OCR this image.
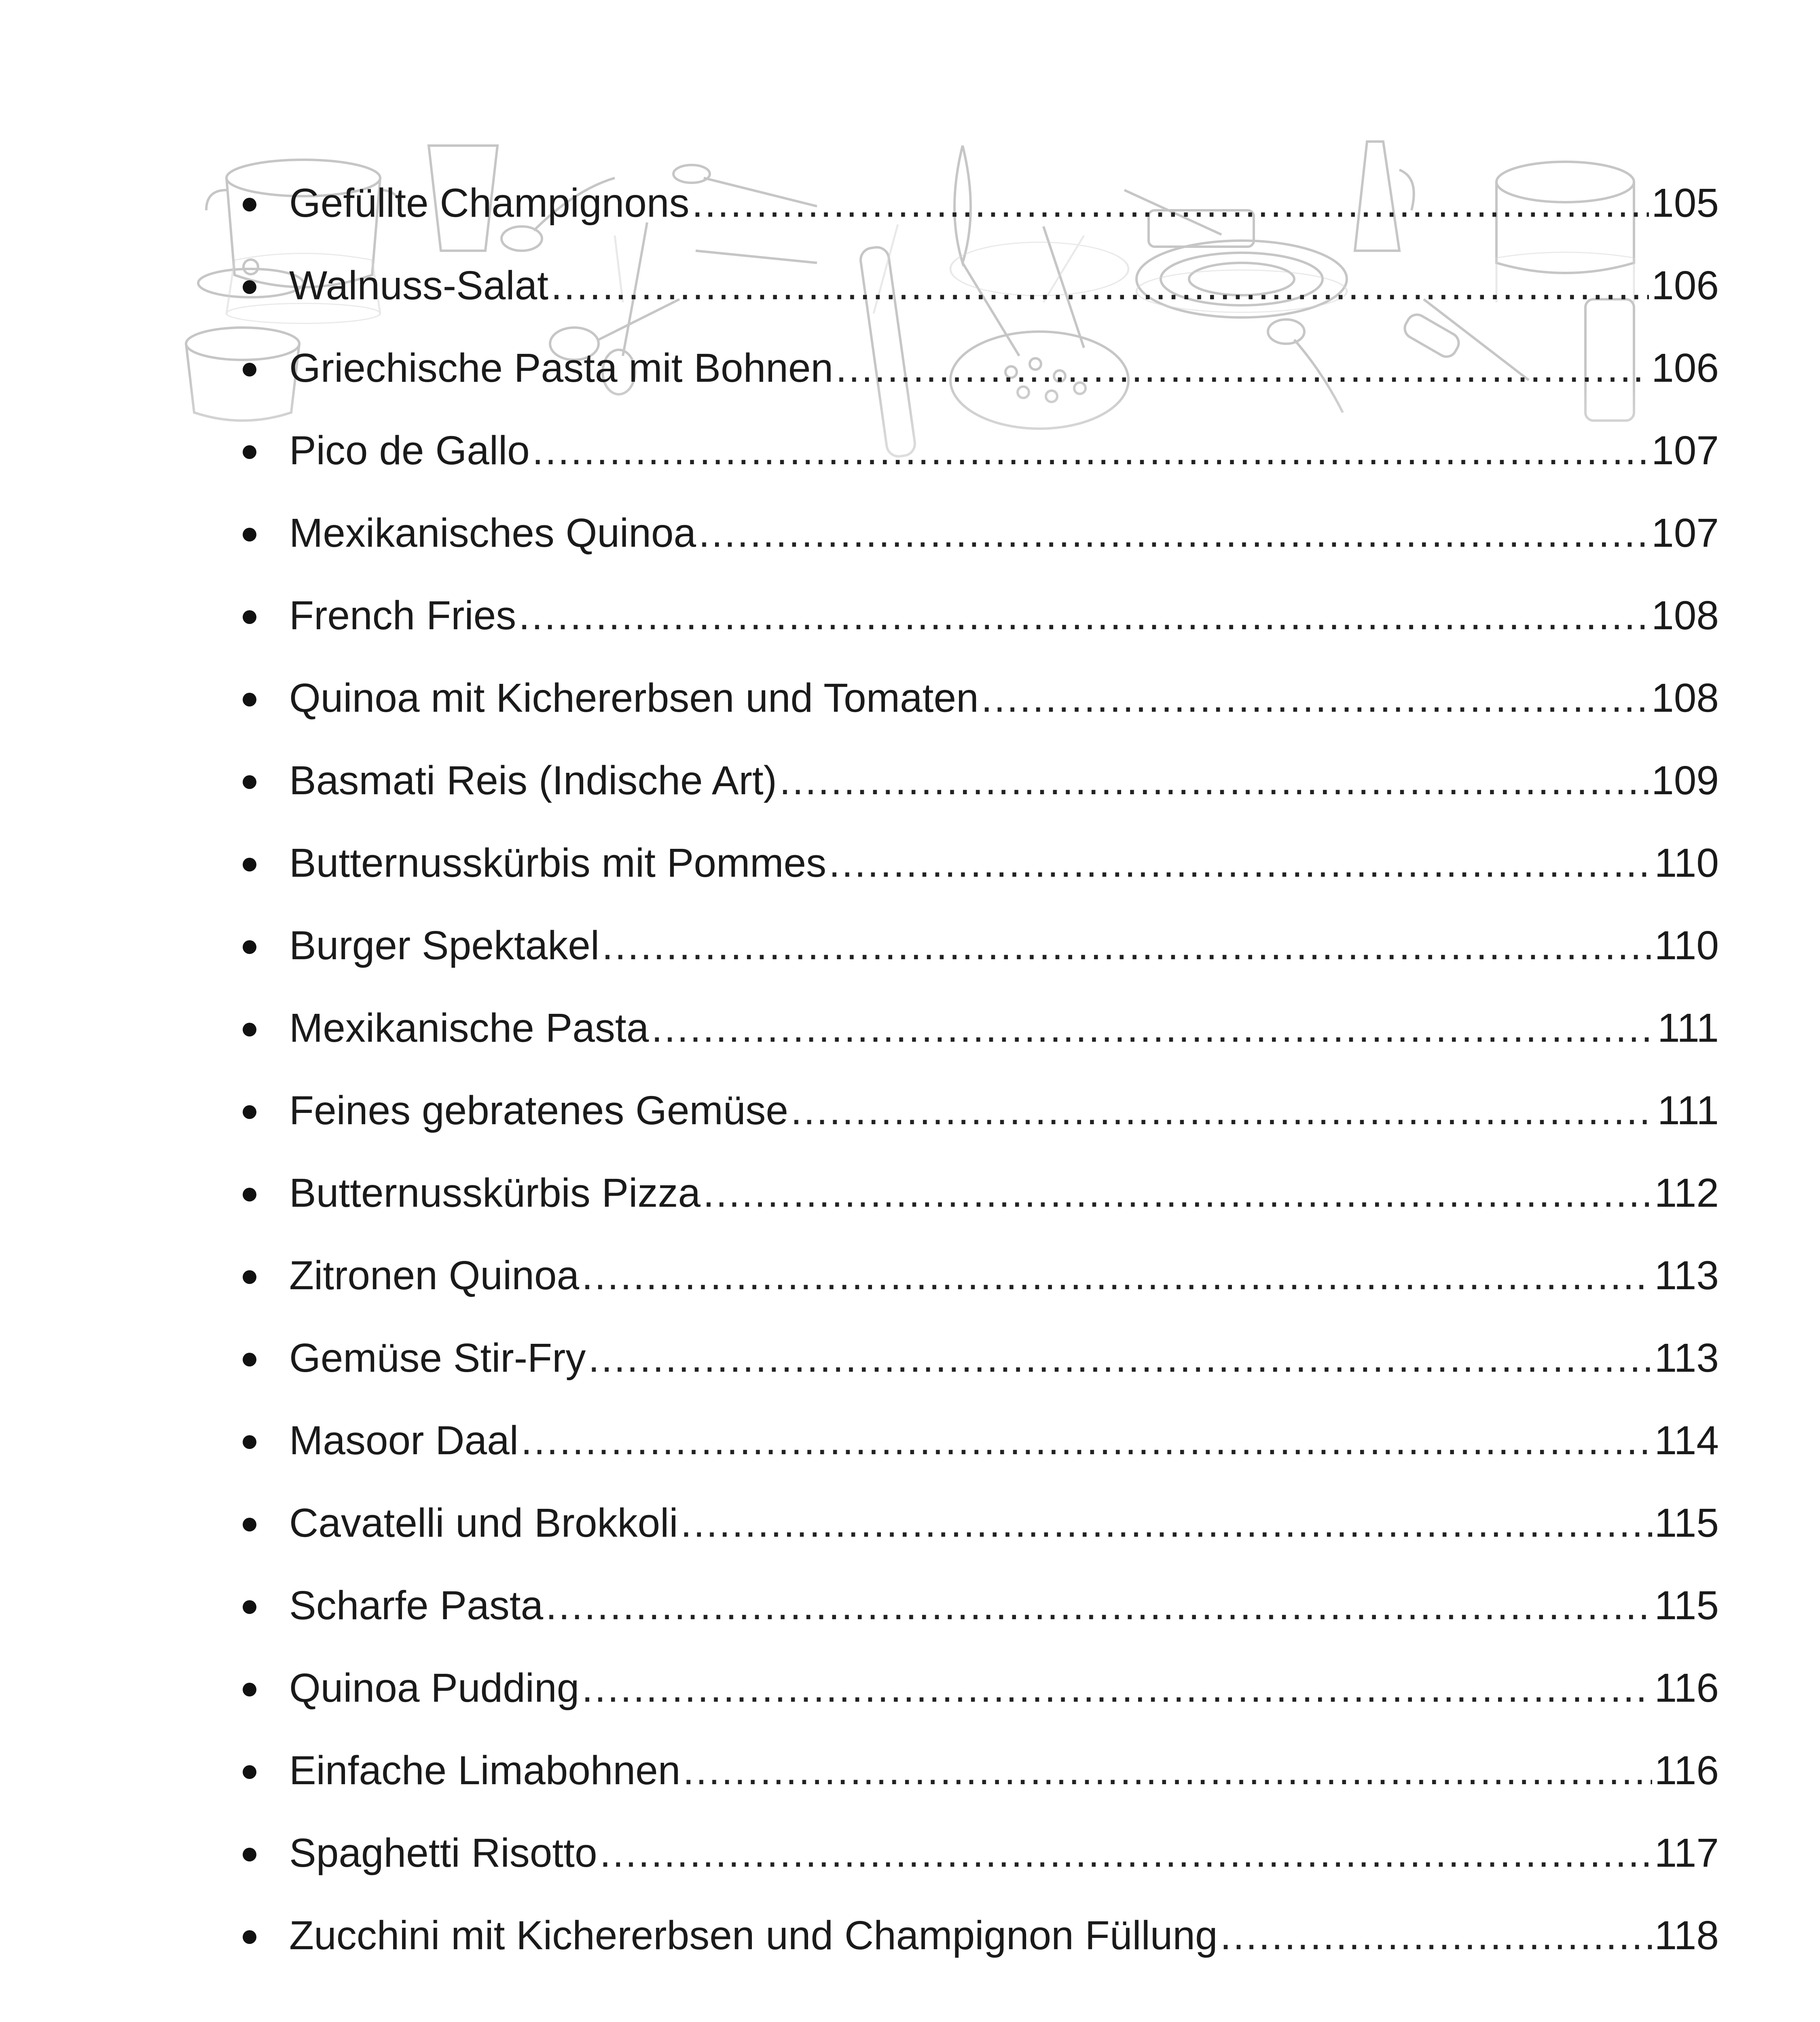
Gefüllte Champignons .....	105
Walnuss-Salat .....	106
Griechische Pasta mit Bohnen .....	106
Pico de Gallo .....	107
Mexikanisches Quinoa .....	107
French Fries .....	108
Quinoa mit Kichererbsen und Tomaten .....	108
Basmati Reis (Indische Art) .....	109
Butternusskürbis mit Pommes .....	110
Burger Spektakel .....	110
Mexikanische Pasta .....	111
Feines gebratenes Gemüse .....	111
Butternusskürbis Pizza .....	112
Zitronen Quinoa .....	113
Gemüse Stir-Fry .....	113
Masoor Daal .....	114
Cavatelli und Brokkoli .....	115
Scharfe Pasta .....	115
Quinoa Pudding .....	116
Einfache Limabohnen .....	116
Spaghetti Risotto .....	117
Zucchini mit Kichererbsen und Champignon Füllung .....	118
